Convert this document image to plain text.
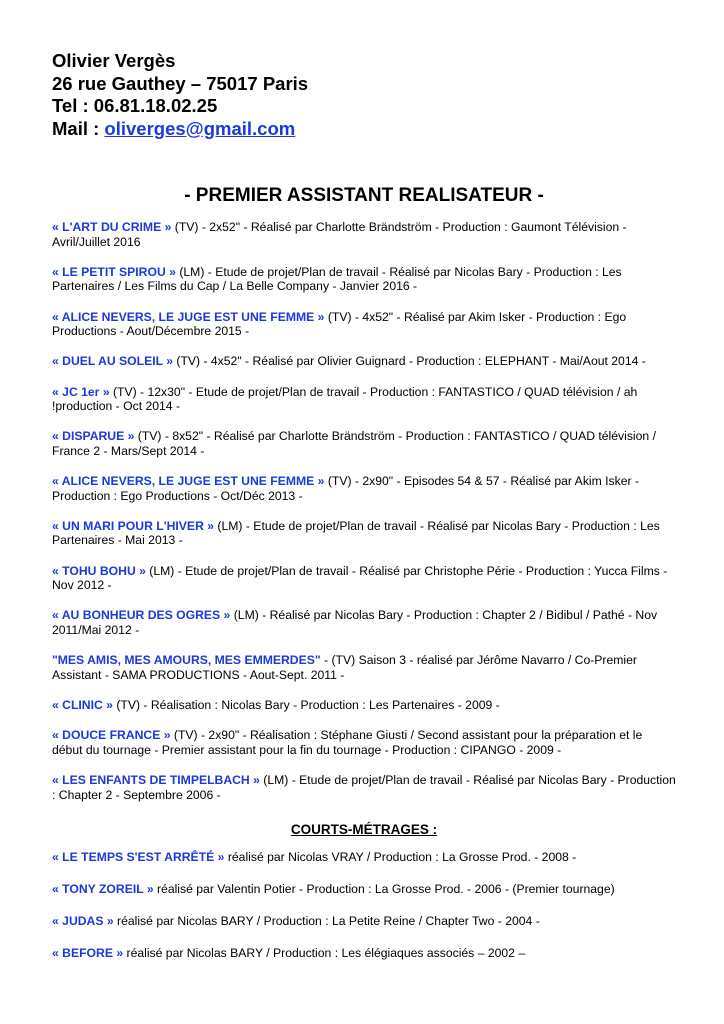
Olivier Vergès
26 rue Gauthey – 75017 Paris
Tel : 06.81.18.02.25
Mail : oliverges@gmail.com
- PREMIER ASSISTANT REALISATEUR -
« L'ART DU CRIME » (TV) - 2x52" - Réalisé par Charlotte Brändström - Production : Gaumont Télévision - Avril/Juillet 2016
« LE PETIT SPIROU » (LM) - Etude de projet/Plan de travail - Réalisé par Nicolas Bary - Production : Les Partenaires / Les Films du Cap / La Belle Company - Janvier 2016 -
« ALICE NEVERS, LE JUGE EST UNE FEMME » (TV) - 4x52" - Réalisé par Akim Isker - Production : Ego Productions - Aout/Décembre 2015 -
« DUEL AU SOLEIL » (TV) - 4x52" - Réalisé par Olivier Guignard - Production : ELEPHANT - Mai/Aout 2014 -
« JC 1er » (TV) - 12x30" - Etude de projet/Plan de travail - Production : FANTASTICO / QUAD télévision / ah !production - Oct 2014 -
« DISPARUE » (TV) - 8x52" - Réalisé par Charlotte Brändström - Production : FANTASTICO / QUAD télévision / France 2 - Mars/Sept 2014 -
« ALICE NEVERS, LE JUGE EST UNE FEMME » (TV) - 2x90" - Episodes 54 & 57 - Réalisé par Akim Isker - Production : Ego Productions - Oct/Déc 2013 -
« UN MARI POUR L'HIVER » (LM) - Etude de projet/Plan de travail - Réalisé par Nicolas Bary - Production : Les Partenaires - Mai 2013 -
« TOHU BOHU » (LM) - Etude de projet/Plan de travail - Réalisé par Christophe Périe - Production : Yucca Films - Nov 2012 -
« AU BONHEUR DES OGRES » (LM) - Réalisé par Nicolas Bary - Production : Chapter 2 / Bidibul / Pathé - Nov 2011/Mai 2012 -
"MES AMIS, MES AMOURS, MES EMMERDES" - (TV) Saison 3 - réalisé par Jérôme Navarro / Co-Premier Assistant - SAMA PRODUCTIONS - Aout-Sept. 2011 -
« CLINIC » (TV) - Réalisation : Nicolas Bary - Production : Les Partenaires - 2009 -
« DOUCE FRANCE » (TV) - 2x90" - Réalisation : Stéphane Giusti / Second assistant pour la préparation et le début du tournage - Premier assistant pour la fin du tournage - Production : CIPANGO - 2009 -
« LES ENFANTS DE TIMPELBACH » (LM) - Etude de projet/Plan de travail - Réalisé par Nicolas Bary - Production : Chapter 2 - Septembre 2006 -
COURTS-MÉTRAGES :
« LE TEMPS S'EST ARRÊTÉ » réalisé par Nicolas VRAY / Production : La Grosse Prod. - 2008 -
« TONY ZOREIL » réalisé par Valentin Potier - Production : La Grosse Prod. - 2006 - (Premier tournage)
« JUDAS » réalisé par Nicolas BARY / Production : La Petite Reine / Chapter Two - 2004 -
« BEFORE » réalisé par Nicolas BARY / Production : Les élégiaques associés – 2002 –
